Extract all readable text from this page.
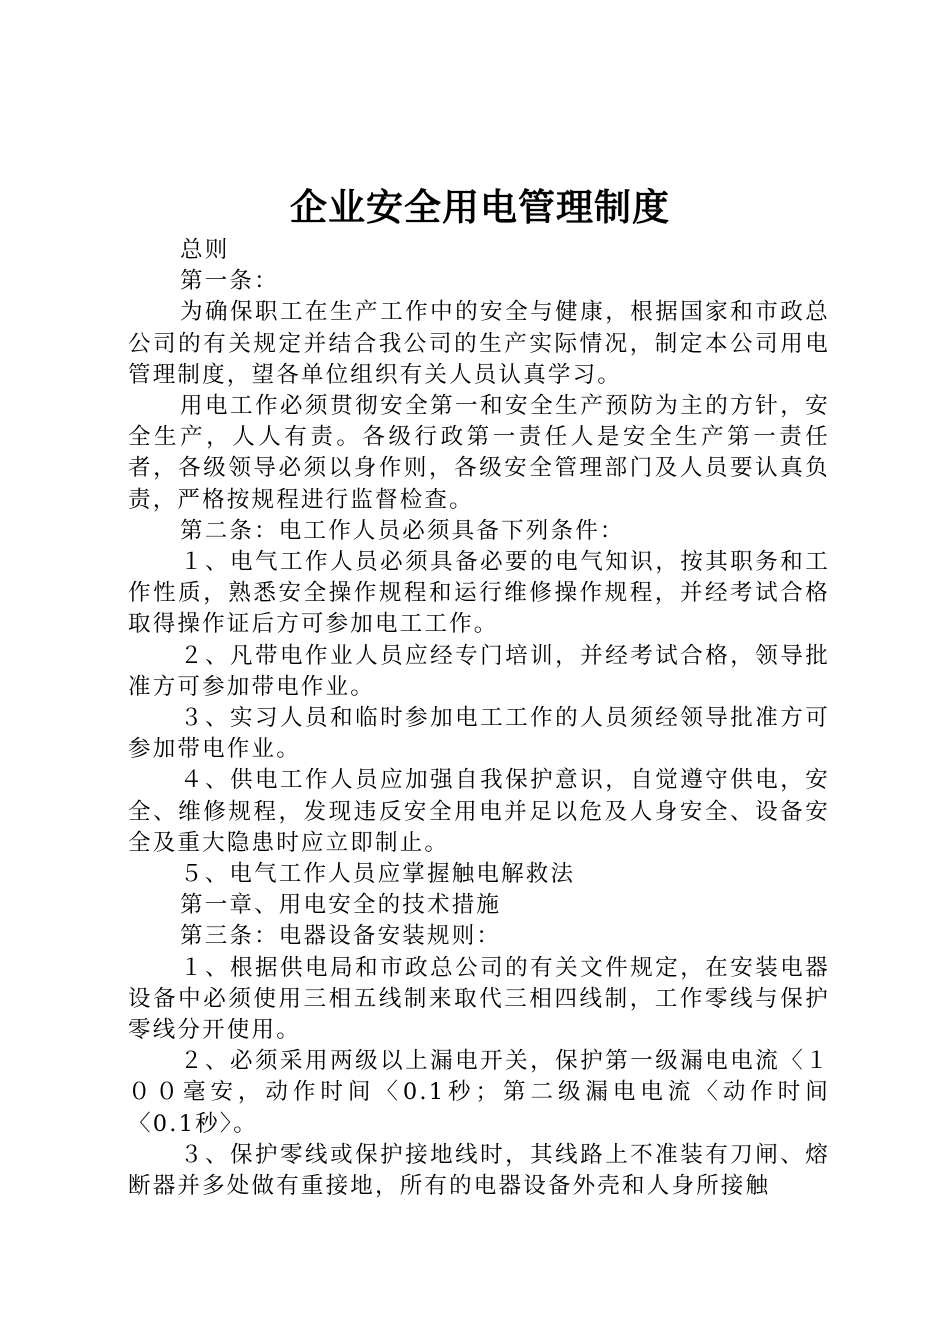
企业安全用电管理制度

总则

第一条：

为确保职工在生产工作中的安全与健康，根据国家和市政总公司的有关规定并结合我公司的生产实际情况，制定本公司用电管理制度，望各单位组织有关人员认真学习。

用电工作必须贯彻安全第一和安全生产预防为主的方针，安全生产，人人有责。各级行政第一责任人是安全生产第一责任者，各级领导必须以身作则，各级安全管理部门及人员要认真负责，严格按规程进行监督检查。

第二条：电工作人员必须具备下列条件：

１、电气工作人员必须具备必要的电气知识，按其职务和工作性质，熟悉安全操作规程和运行维修操作规程，并经考试合格取得操作证后方可参加电工工作。

２、凡带电作业人员应经专门培训，并经考试合格，领导批准方可参加带电作业。

３、实习人员和临时参加电工工作的人员须经领导批准方可参加带电作业。

４、供电工作人员应加强自我保护意识，自觉遵守供电，安全、维修规程，发现违反安全用电并足以危及人身安全、设备安全及重大隐患时应立即制止。

５、电气工作人员应掌握触电解救法

第一章、用电安全的技术措施

第三条：电器设备安装规则：

１、根据供电局和市政总公司的有关文件规定，在安装电器设备中必须使用三相五线制来取代三相四线制，工作零线与保护零线分开使用。

２、必须采用两级以上漏电开关，保护第一级漏电电流〈１００毫安，动作时间〈0.1秒；第二级漏电电流〈动作时间〈0.1秒〉。

３、保护零线或保护接地线时，其线路上不准装有刀闸、熔断器并多处做有重接地，所有的电器设备外壳和人身所接触
